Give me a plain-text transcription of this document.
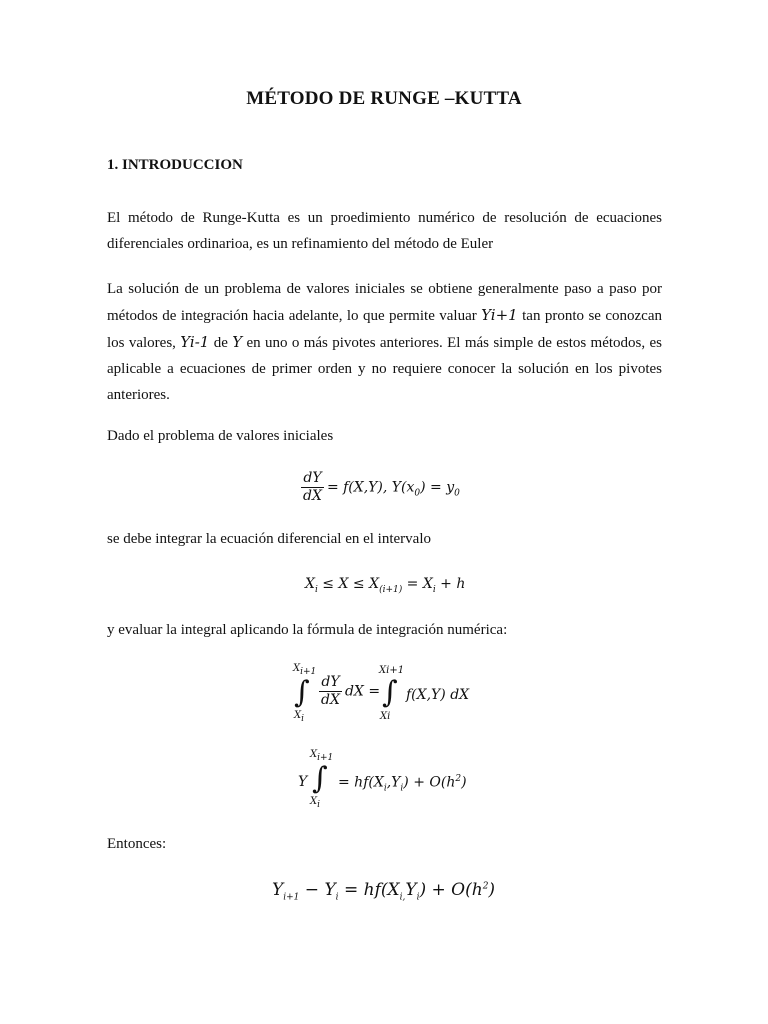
MÉTODO DE RUNGE –KUTTA
1. INTRODUCCION
El método de Runge-Kutta es un proedimiento numérico de resolución de ecuaciones
diferenciales ordinarioa, es un refinamiento del método de Euler
La solución de un problema de valores iniciales se obtiene generalmente paso a paso por métodos de integración hacia adelante, lo que permite valuar Yi+1 tan pronto se conozcan los valores, Yi-1 de Y en uno o más pivotes anteriores. El más simple de estos métodos, es aplicable a ecuaciones de primer orden y no requiere conocer la solución en los pivotes anteriores.
Dado el problema de valores iniciales
$\frac{dY}{dX} = f(X,Y)$, $Y(x_0) = y_0$
se debe integrar la ecuación diferencial en el intervalo
$X_i \le X \le X_{(i+1)} = X_i + h$
y evaluar la integral aplicando la fórmula de integración numérica:
$X_{i+1}$
∫
$X_i$
$\frac{dY}{dX}$ dX =
Xi+1
∫
Xi
f(X,Y) dX
$X_{i+1}$
Y ∫
$X_i$
= $hf(X_i,Y_i) + O(h^2)$
Entonces:
$Y_{i+1} - Y_i = hf(X_{i,}Y_i) + O(h^2)$
